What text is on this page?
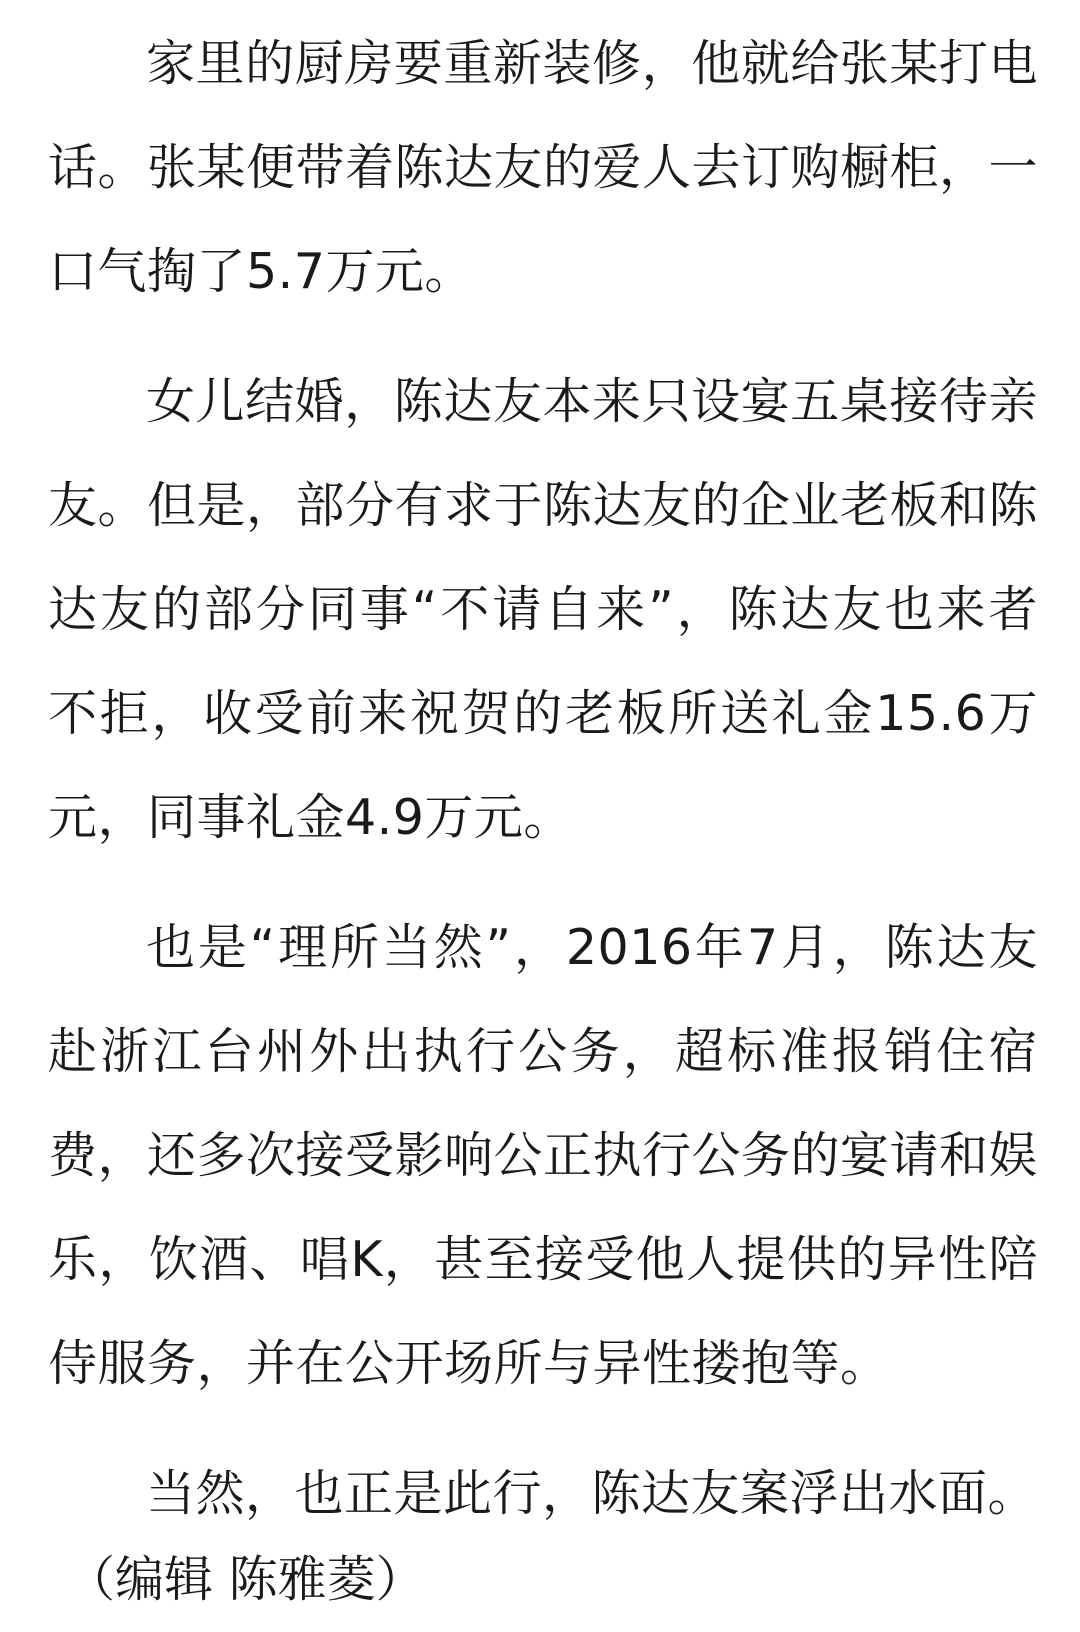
家里的厨房要重新装修，他就给张某打电话。张某便带着陈达友的爱人去订购橱柜，一口气掏了5.7万元。

女儿结婚，陈达友本来只设宴五桌接待亲友。但是，部分有求于陈达友的企业老板和陈达友的部分同事“不请自来”，陈达友也来者不拒，收受前来祝贺的老板所送礼金15.6万元，同事礼金4.9万元。

也是“理所当然”，2016年7月，陈达友赴浙江台州外出执行公务，超标准报销住宿费，还多次接受影响公正执行公务的宴请和娱乐，饮酒、唱K，甚至接受他人提供的异性陪侍服务，并在公开场所与异性搂抱等。

当然，也正是此行，陈达友案浮出水面。

（编辑 陈雅菱）
